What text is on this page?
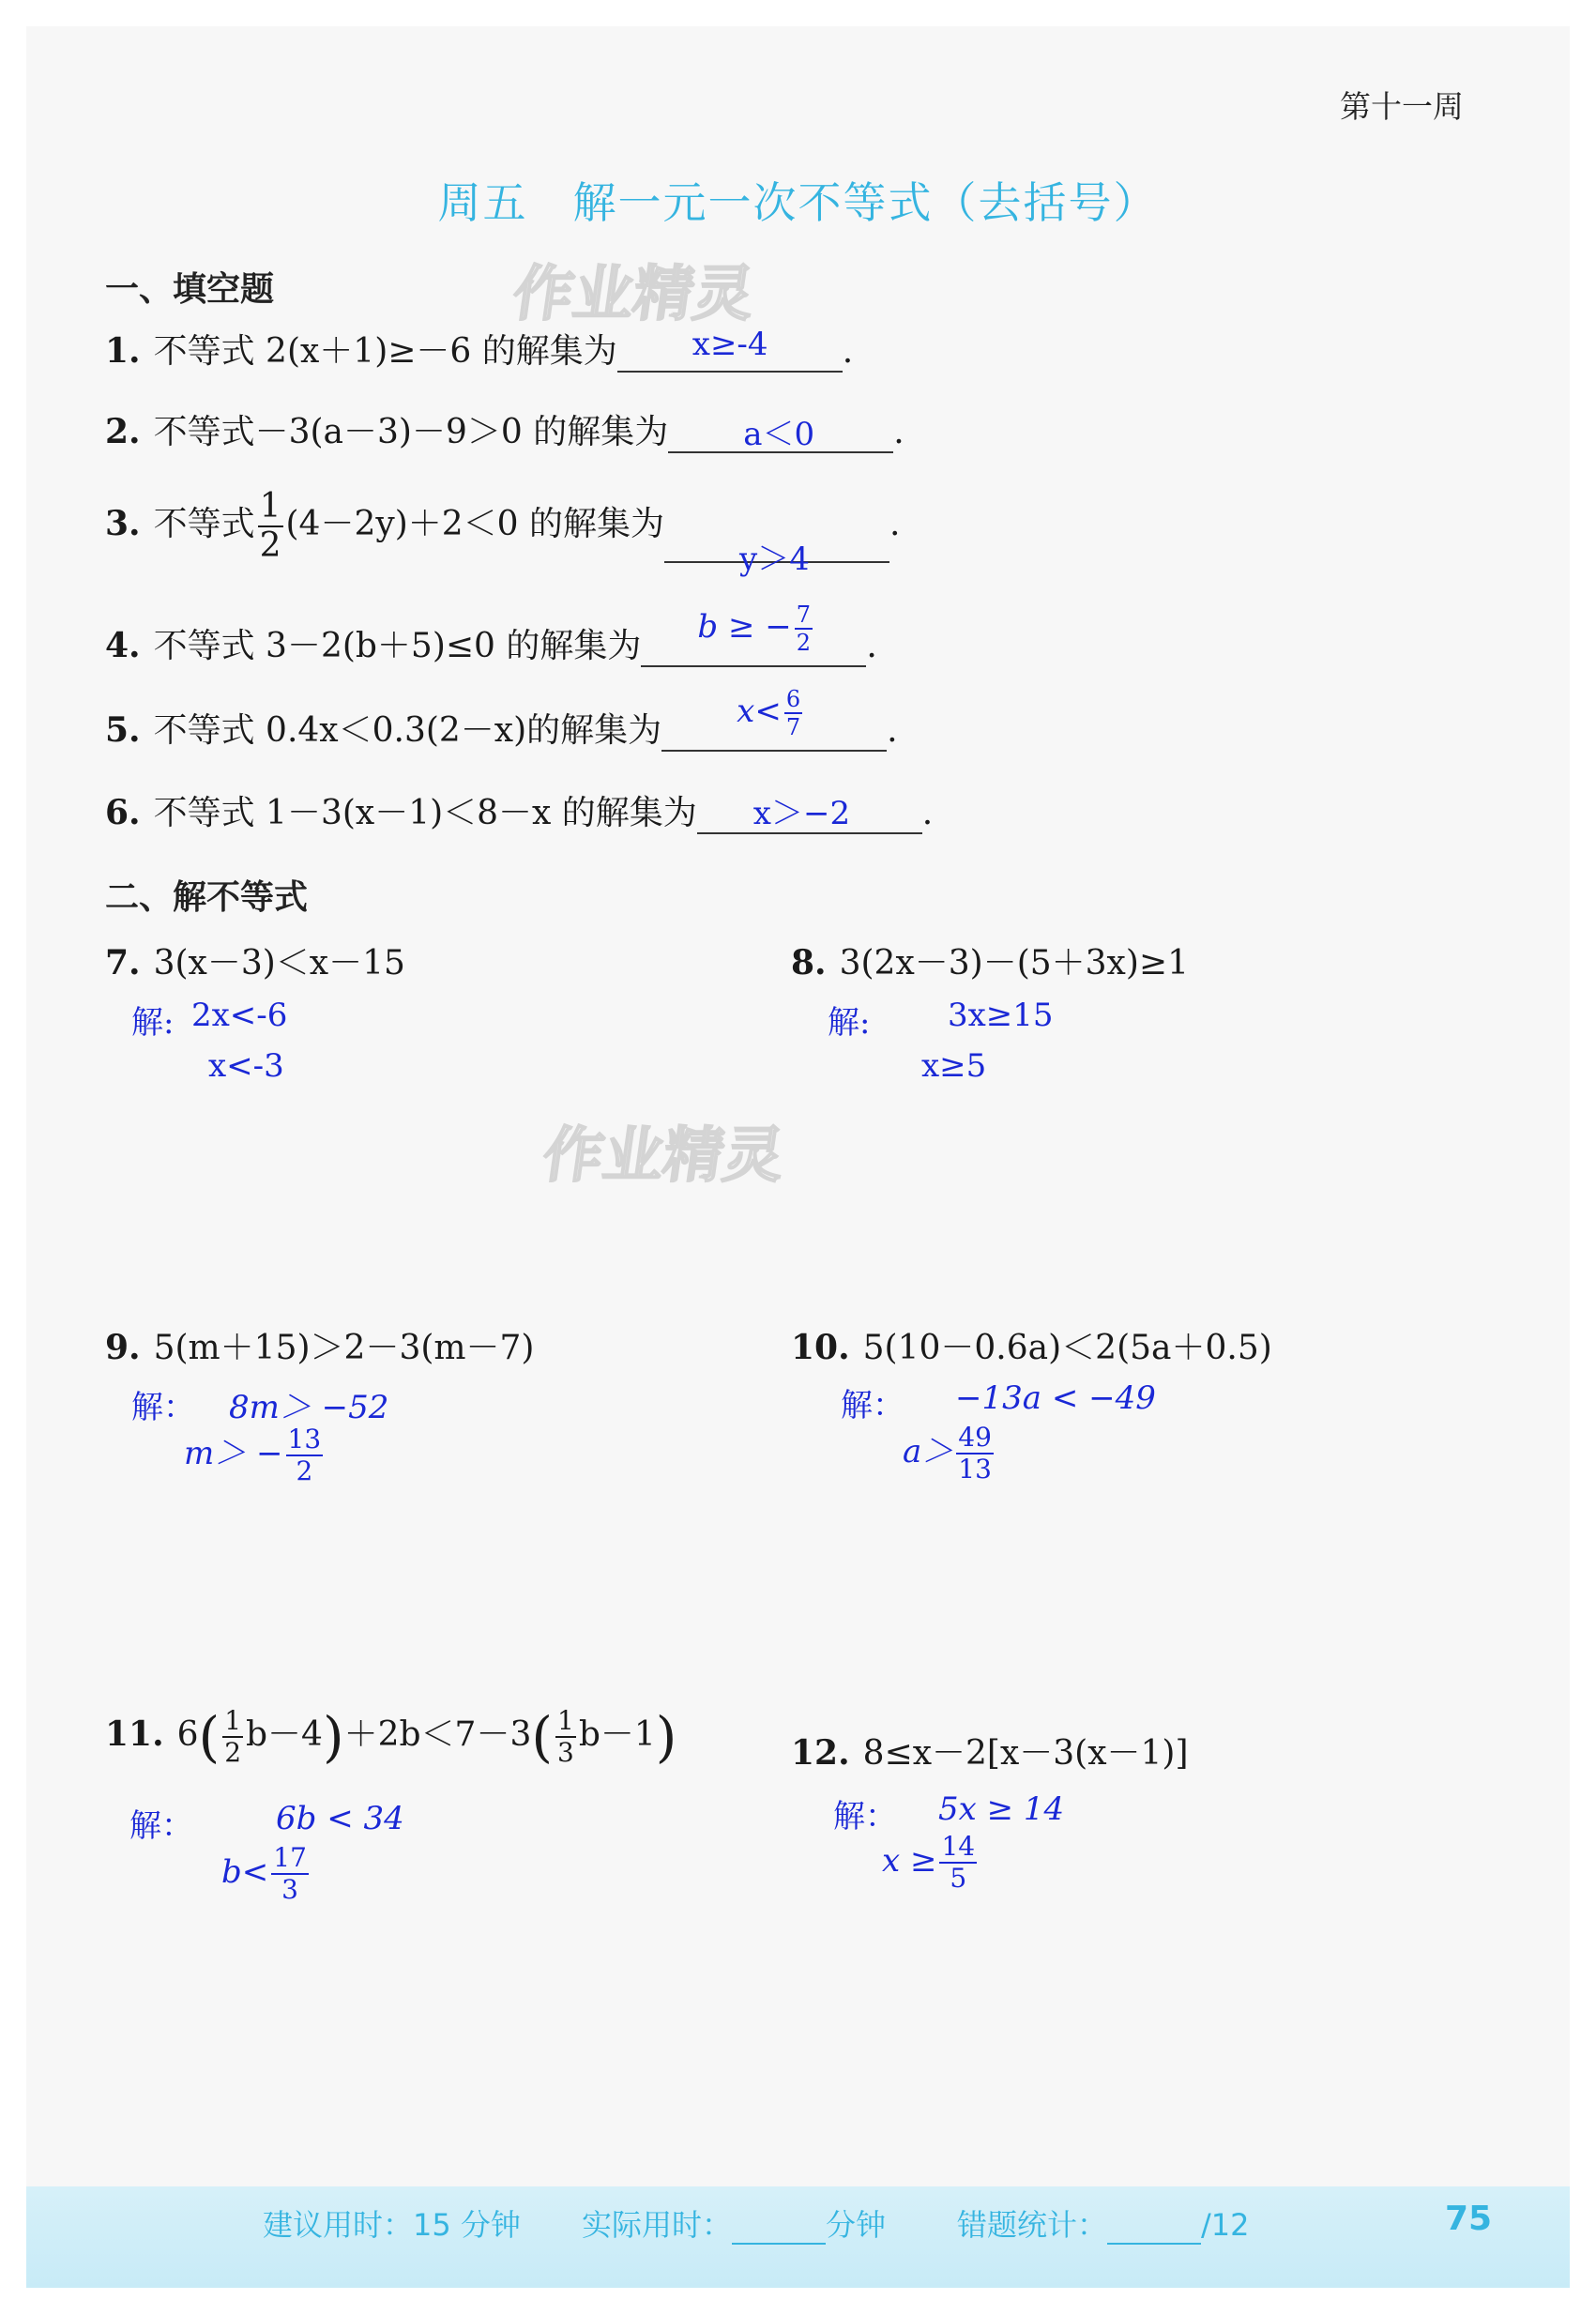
第十一周
周五　解一元一次不等式（去括号）
作业精灵
作业精灵
一、填空题
1. 不等式 2(x＋1)≥－6 的解集为 x≥-4 .
2. 不等式－3(a－3)－9＞0 的解集为 a＜0 .
3. 不等式 $\frac{1}{2} (4-2y)+2<0$ 的解集为
y＞4
.
4. 不等式 3－2(b＋5)≤0 的解集为 b ≥ − $\frac{7}{2}$ .
5. 不等式 0.4x＜0.3(2－x)的解集为 $x< \frac{6}{7}$	.
6. 不等式 1－3(x－1)＜8－x 的解集为 x＞−2 .
二、解不等式
7. 3(x－3)＜x－15
解: 2x<-6
x<-3
8. 3(2x－3)－(5＋3x)≥1
解: 3x≥15
x≥5
9. 5(m＋15)＞2－3(m－7)
解： 8m＞ −52
$m> - \frac{13}{2}$
10. 5(10－0.6a)＜2(5a＋0.5)
解： −13a < −49
$a> \frac{49}{13}$
11. $6( \frac{1}{2} b-4)+2b<7-3( \frac{1}{3} b-1)$
解：	6b < 34
$b< \frac{17}{3}$
12. 8≤x－2[x－3(x－1)]
解： 5x ≥ 14
$x \ge \frac{14}{5}$
建议用时：15 分钟 实际用时：	分钟 错题统计：	/12	75
